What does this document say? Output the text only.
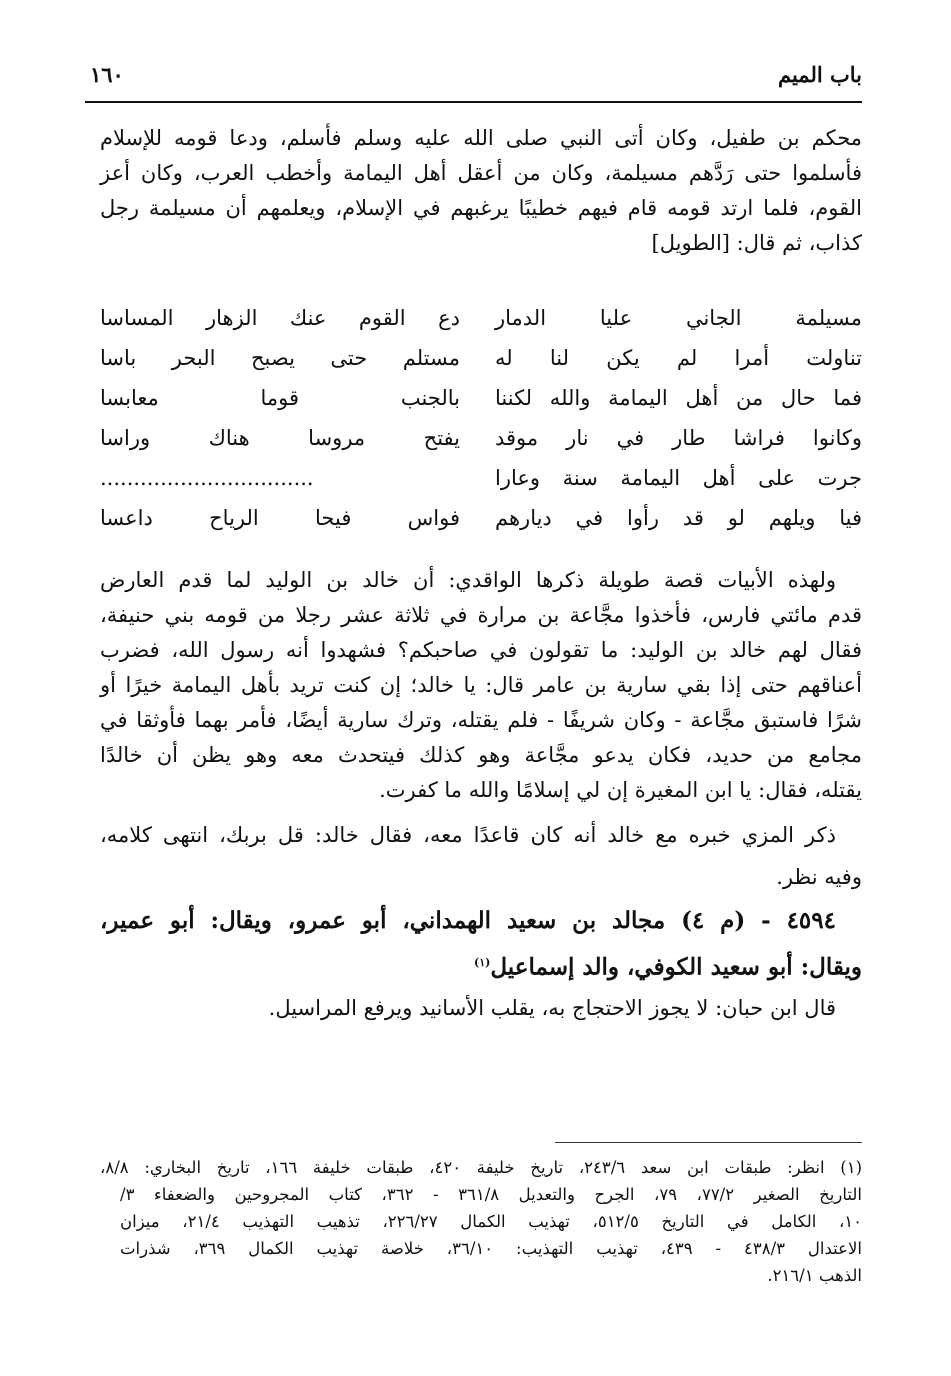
باب الميم
١٦٠
محكم بن طفيل، وكان أتى النبي صلى الله عليه وسلم فأسلم، ودعا قومه للإسلام
فأسلموا حتى رَدَّهم مسيلمة، وكان من أعقل أهل اليمامة وأخطب العرب، وكان أعز
القوم، فلما ارتد قومه قام فيهم خطيبًا يرغبهم في الإسلام، ويعلمهم أن مسيلمة رجل
كذاب، ثم قال: [الطويل]
مسيلمة الجاني عليا الدمار
دع القوم عنك الزهار المساسا
تناولت أمرا لم يكن لنا له
مستلم حتى يصبح البحر باسا
فما حال من أهل اليمامة والله لكننا
بالجنب قوما معابسا
وكانوا فراشا طار في نار موقد
يفتح مروسا هناك وراسا
جرت على أهل اليمامة سنة وعارا
................................
فيا ويلهم لو قد رأوا في ديارهم
فواس فيحا الرياح داعسا
ولهذه الأبيات قصة طويلة ذكرها الواقدي: أن خالد بن الوليد لما قدم العارض
قدم مائتي فارس، فأخذوا مجَّاعة بن مرارة في ثلاثة عشر رجلا من قومه بني حنيفة،
فقال لهم خالد بن الوليد: ما تقولون في صاحبكم؟ فشهدوا أنه رسول الله، فضرب
أعناقهم حتى إذا بقي سارية بن عامر قال: يا خالد؛ إن كنت تريد بأهل اليمامة خيرًا أو
شرًا فاستبق مجَّاعة - وكان شريفًا - فلم يقتله، وترك سارية أيضًا، فأمر بهما فأوثقا في
مجامع من حديد، فكان يدعو مجَّاعة وهو كذلك فيتحدث معه وهو يظن أن خالدًا
يقتله، فقال: يا ابن المغيرة إن لي إسلامًا والله ما كفرت.
ذكر المزي خبره مع خالد أنه كان قاعدًا معه، فقال خالد: قل بربك، انتهى كلامه،
وفيه نظر.
٤٥٩٤ - (م ٤) مجالد بن سعيد الهمداني، أبو عمرو، ويقال: أبو عمير،
ويقال: أبو سعيد الكوفي، والد إسماعيل$^{(١)}$
قال ابن حبان: لا يجوز الاحتجاج به، يقلب الأسانيد ويرفع المراسيل.
(١) انظر: طبقات ابن سعد ٢٤٣/٦، تاريخ خليفة ٤٢٠، طبقات خليفة ١٦٦، تاريخ البخاري: ٨/٨،
التاريخ الصغير ٧٧/٢، ٧٩، الجرح والتعديل ٣٦١/٨ - ٣٦٢، كتاب المجروحين والضعفاء ٣/
١٠، الكامل في التاريخ ٥١٢/٥، تهذيب الكمال ٢٢٦/٢٧، تذهيب التهذيب ٢١/٤، ميزان
الاعتدال ٤٣٨/٣ - ٤٣٩، تهذيب التهذيب: ٣٦/١٠، خلاصة تهذيب الكمال ٣٦٩، شذرات
الذهب ٢١٦/١.
